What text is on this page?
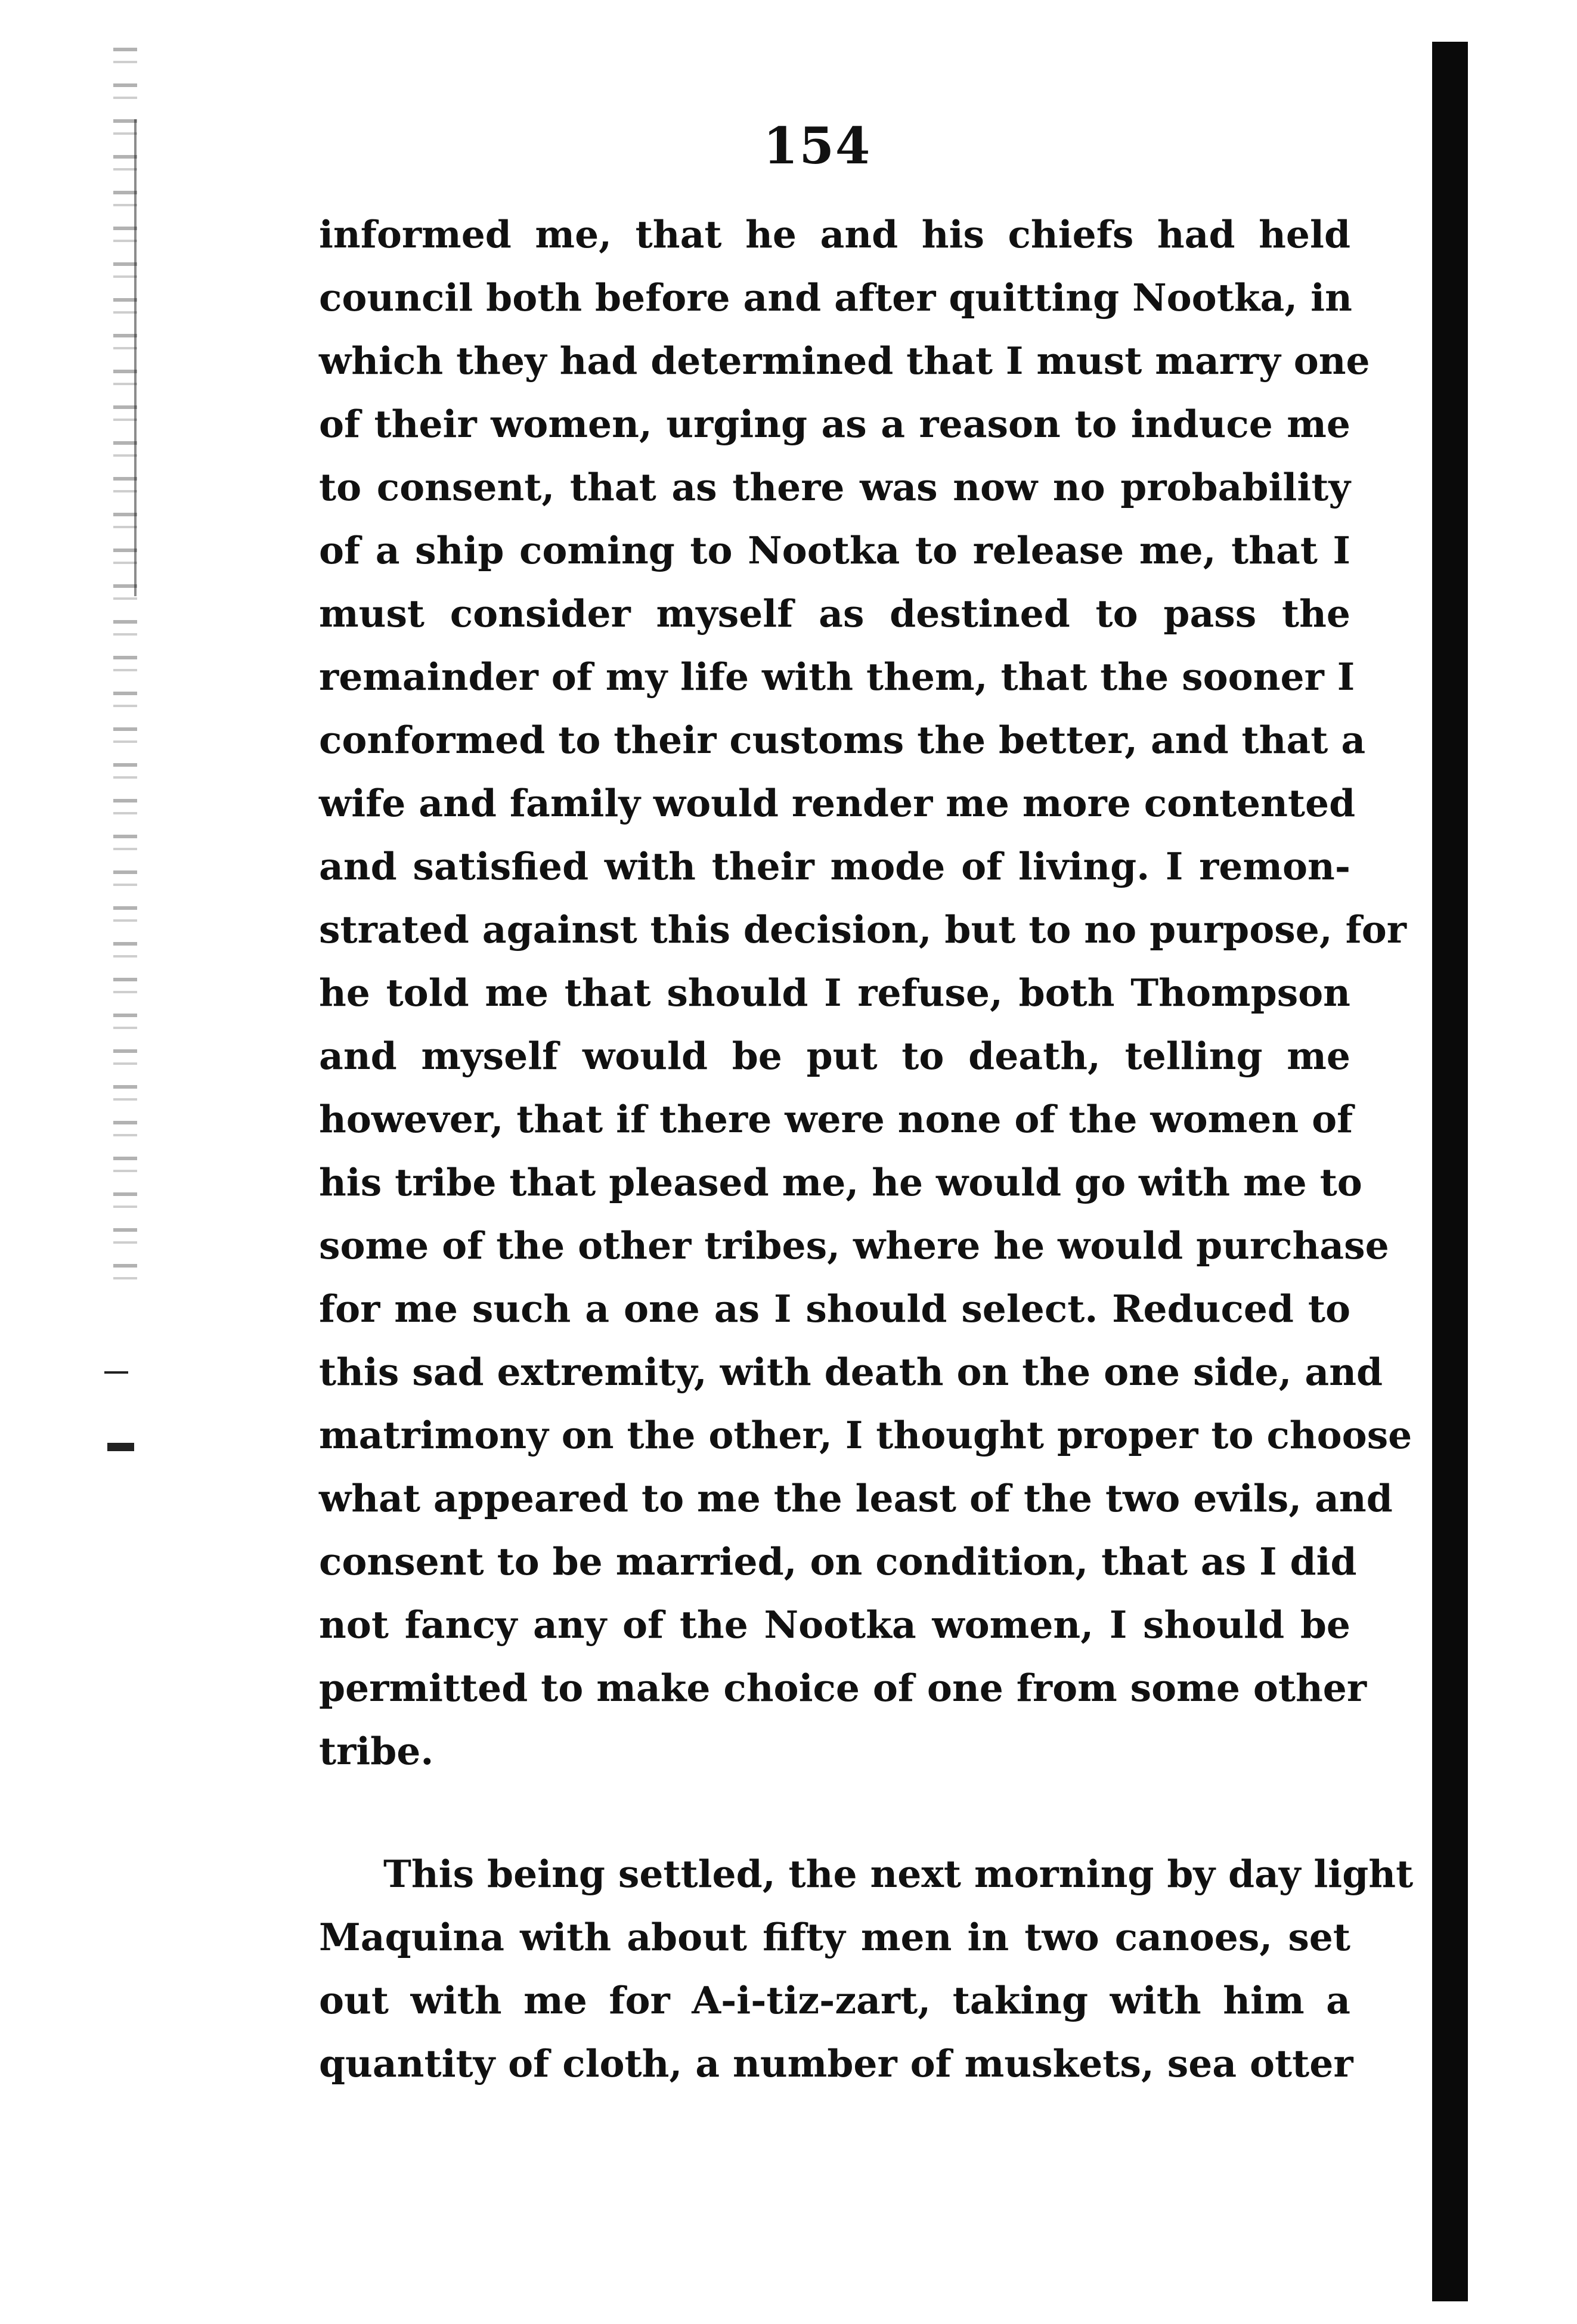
154
informed me, that he and his chiefs had held
council both before and after quitting Nootka, in
which they had determined that I must marry one
of their women, urging as a reason to induce me
to consent, that as there was now no probability
of a ship coming to Nootka to release me, that I
must consider myself as destined to pass the
remainder of my life with them, that the sooner I
conformed to their customs the better, and that a
wife and family would render me more contented
and satisfied with their mode of living. I remon-
strated against this decision, but to no purpose, for
he told me that should I refuse, both Thompson
and myself would be put to death, telling me
however, that if there were none of the women of
his tribe that pleased me, he would go with me to
some of the other tribes, where he would purchase
for me such a one as I should select. Reduced to
this sad extremity, with death on the one side, and
matrimony on the other, I thought proper to choose
what appeared to me the least of the two evils, and
consent to be married, on condition, that as I did
not fancy any of the Nootka women, I should be
permitted to make choice of one from some other
tribe.
This being settled, the next morning by day light
Maquina with about fifty men in two canoes, set
out with me for A-i-tiz-zart, taking with him a
quantity of cloth, a number of muskets, sea otter
